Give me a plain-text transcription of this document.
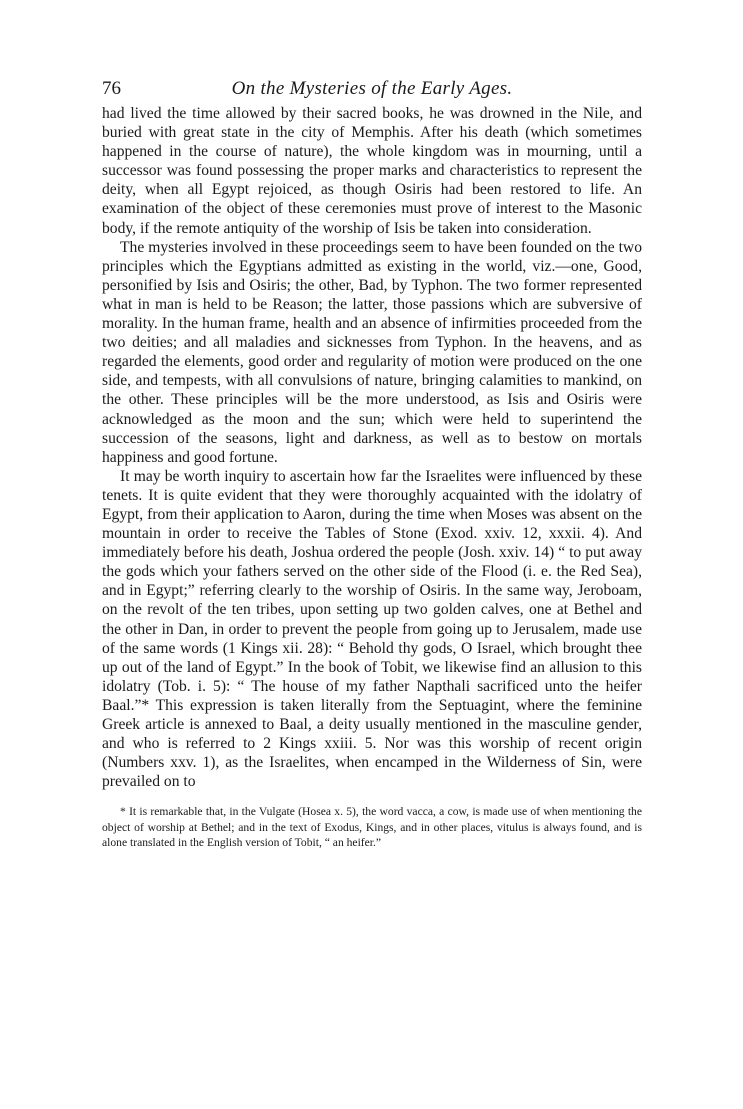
76	On the Mysteries of the Early Ages.

had lived the time allowed by their sacred books, he was drowned in the Nile, and buried with great state in the city of Memphis. After his death (which sometimes happened in the course of nature), the whole kingdom was in mourning, until a successor was found possessing the proper marks and characteristics to represent the deity, when all Egypt rejoiced, as though Osiris had been restored to life. An examination of the object of these ceremonies must prove of interest to the Masonic body, if the remote antiquity of the worship of Isis be taken into consideration.

The mysteries involved in these proceedings seem to have been founded on the two principles which the Egyptians admitted as existing in the world, viz.—one, Good, personified by Isis and Osiris; the other, Bad, by Typhon. The two former represented what in man is held to be Reason; the latter, those passions which are subversive of morality. In the human frame, health and an absence of infirmities proceeded from the two deities; and all maladies and sicknesses from Typhon. In the heavens, and as regarded the elements, good order and regularity of motion were produced on the one side, and tempests, with all convulsions of nature, bringing calamities to mankind, on the other. These principles will be the more understood, as Isis and Osiris were acknowledged as the moon and the sun; which were held to superintend the succession of the seasons, light and darkness, as well as to bestow on mortals happiness and good fortune.

It may be worth inquiry to ascertain how far the Israelites were influenced by these tenets. It is quite evident that they were thoroughly acquainted with the idolatry of Egypt, from their application to Aaron, during the time when Moses was absent on the mountain in order to receive the Tables of Stone (Exod. xxiv. 12, xxxii. 4). And immediately before his death, Joshua ordered the people (Josh. xxiv. 14) “ to put away the gods which your fathers served on the other side of the Flood (i. e. the Red Sea), and in Egypt;” referring clearly to the worship of Osiris. In the same way, Jeroboam, on the revolt of the ten tribes, upon setting up two golden calves, one at Bethel and the other in Dan, in order to prevent the people from going up to Jerusalem, made use of the same words (1 Kings xii. 28): “ Behold thy gods, O Israel, which brought thee up out of the land of Egypt.” In the book of Tobit, we likewise find an allusion to this idolatry (Tob. i. 5): “ The house of my father Napthali sacrificed unto the heifer Baal.”* This expression is taken literally from the Septuagint, where the feminine Greek article is annexed to Baal, a deity usually mentioned in the masculine gender, and who is referred to 2 Kings xxiii. 5. Nor was this worship of recent origin (Numbers xxv. 1), as the Israelites, when encamped in the Wilderness of Sin, were prevailed on to

* It is remarkable that, in the Vulgate (Hosea x. 5), the word vacca, a cow, is made use of when mentioning the object of worship at Bethel; and in the text of Exodus, Kings, and in other places, vitulus is always found, and is alone translated in the English version of Tobit, “ an heifer.”
